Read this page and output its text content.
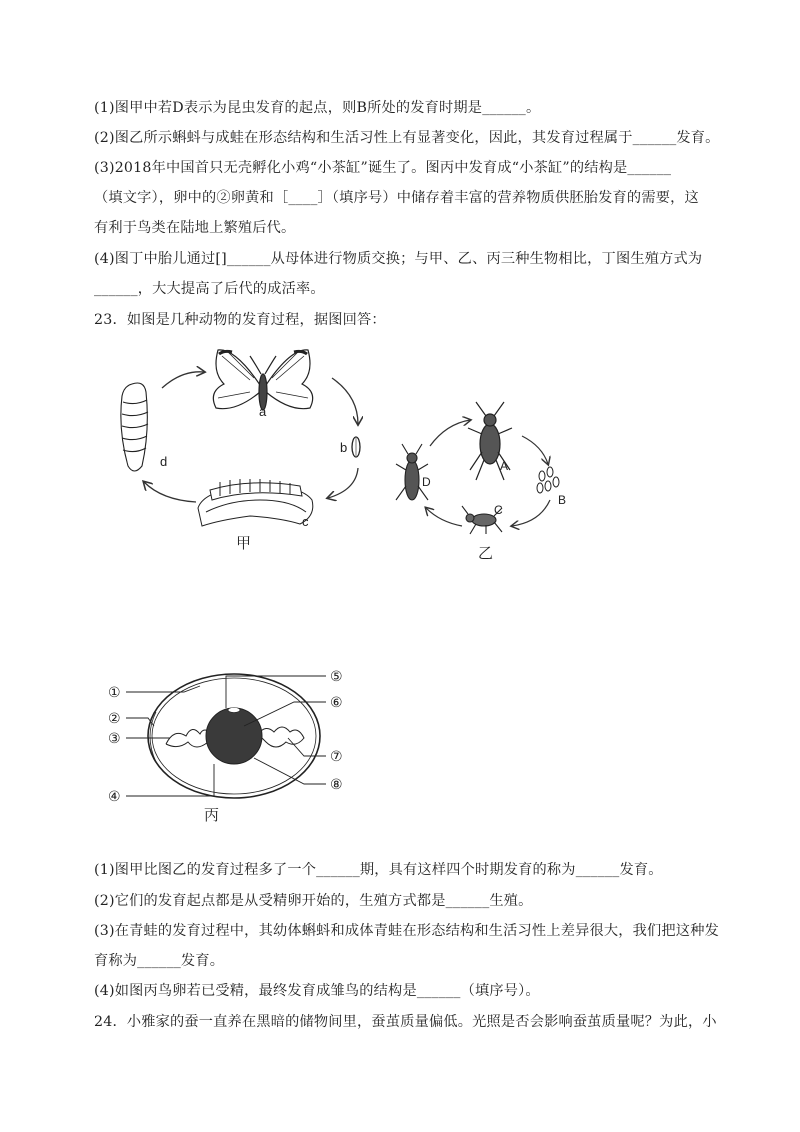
(1)图甲中若D表示为昆虫发育的起点，则B所处的发育时期是______。
(2)图乙所示蝌蚪与成蛙在形态结构和生活习性上有显著变化，因此，其发育过程属于______发育。
(3)2018年中国首只无壳孵化小鸡“小茶缸”诞生了。图丙中发育成“小茶缸”的结构是______
（填文字），卵中的②卵黄和［____］（填序号）中储存着丰富的营养物质供胚胎发育的需要，这
有利于鸟类在陆地上繁殖后代。
(4)图丁中胎儿通过[]______从母体进行物质交换；与甲、乙、丙三种生物相比，丁图生殖方式为
______，大大提高了后代的成活率。
23．如图是几种动物的发育过程，据图回答：
a
b
c
d
甲
A
B
C
D
乙
①
②
③
④
⑤
⑥
⑦
⑧
丙
(1)图甲比图乙的发育过程多了一个______期，具有这样四个时期发育的称为______发育。
(2)它们的发育起点都是从受精卵开始的，生殖方式都是______生殖。
(3)在青蛙的发育过程中，其幼体蝌蚪和成体青蛙在形态结构和生活习性上差异很大，我们把这种发
育称为______发育。
(4)如图丙鸟卵若已受精，最终发育成雏鸟的结构是______（填序号）。
24．小雅家的蚕一直养在黑暗的储物间里，蚕茧质量偏低。光照是否会影响蚕茧质量呢？为此，小
